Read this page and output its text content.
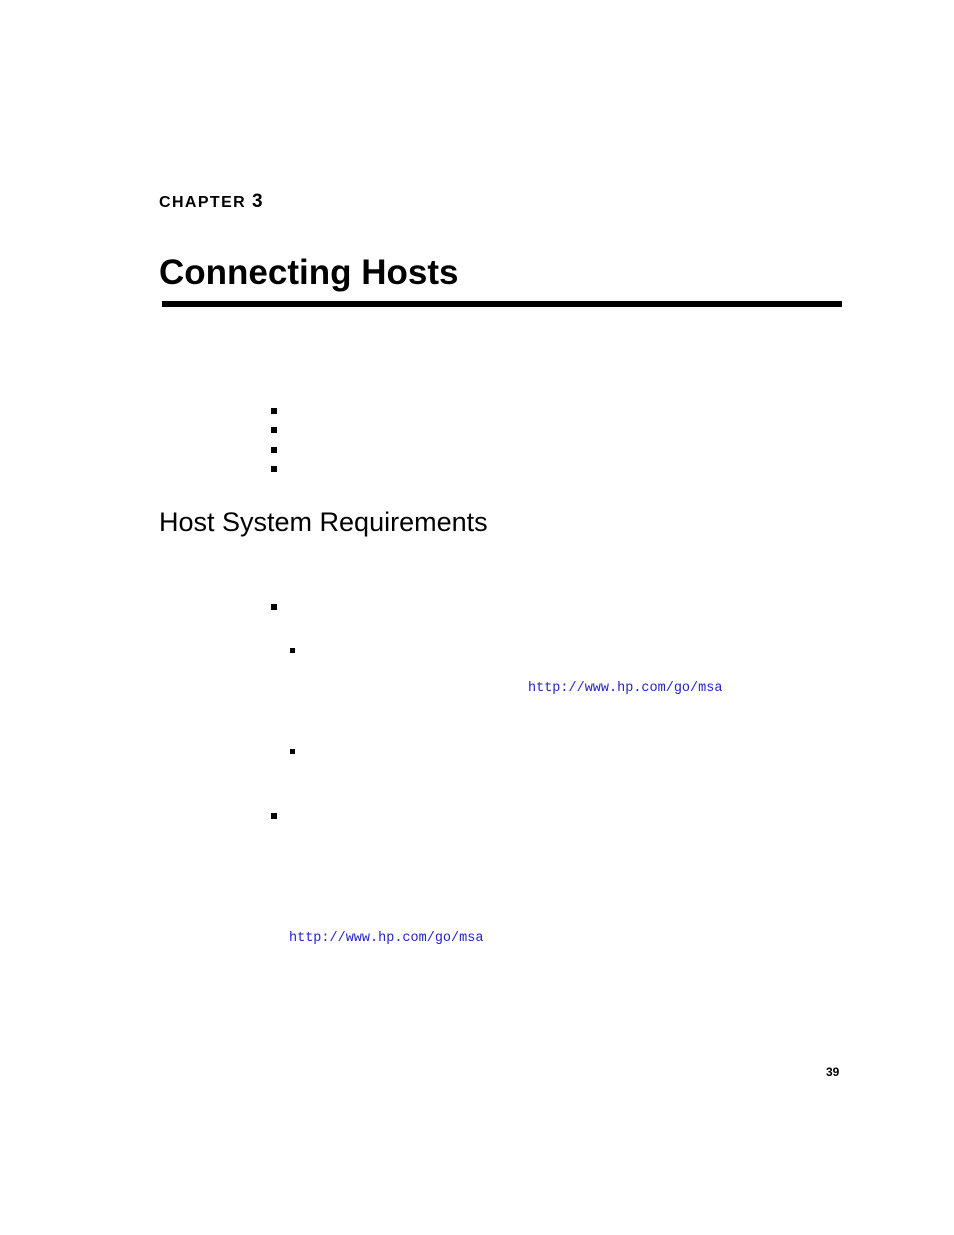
CHAPTER 3
Connecting Hosts
Host System Requirements
http://www.hp.com/go/msa
http://www.hp.com/go/msa
39
